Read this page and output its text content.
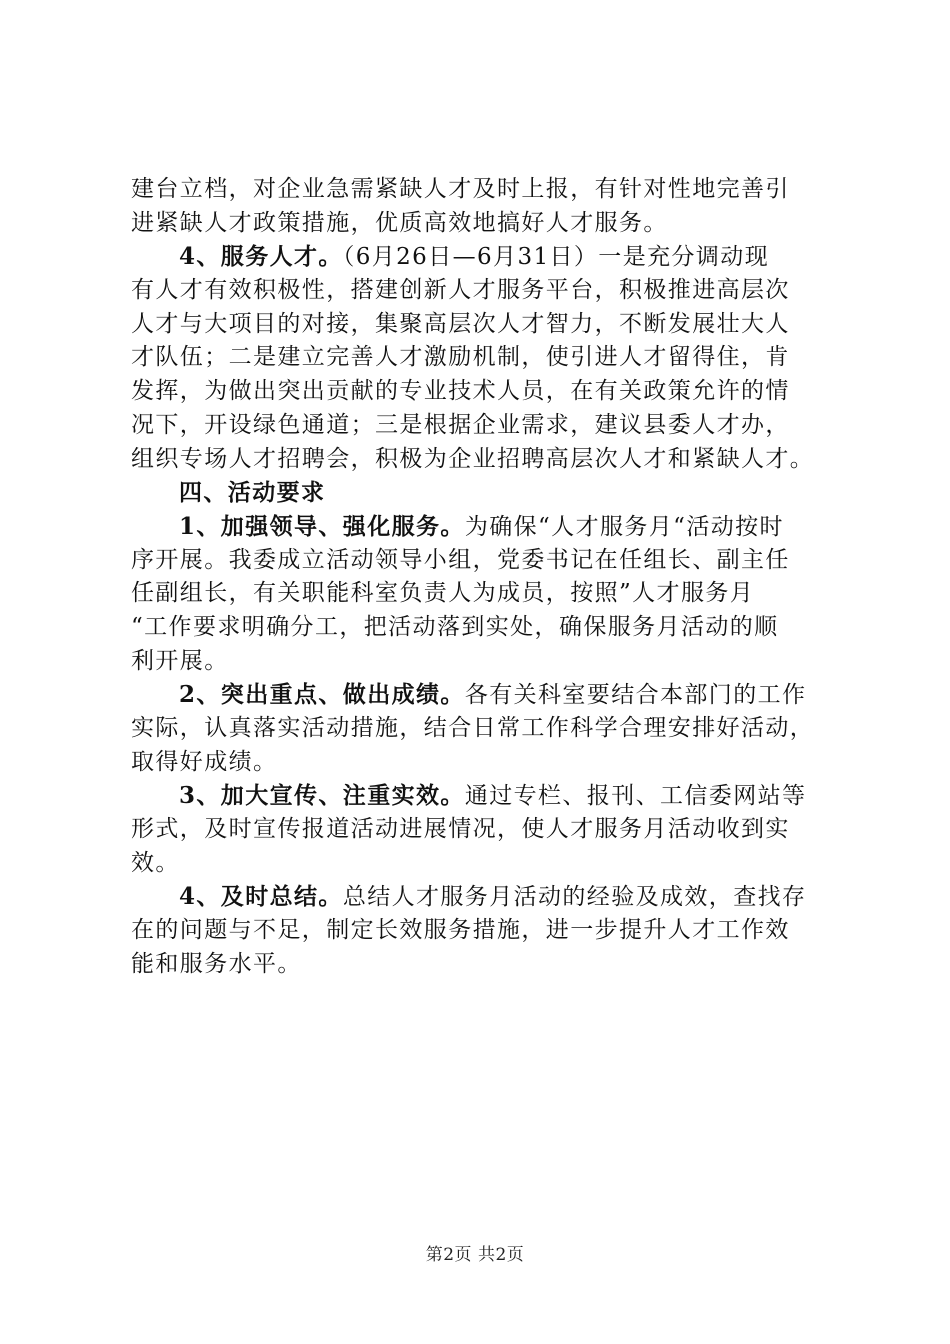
建台立档，对企业急需紧缺人才及时上报，有针对性地完善引
进紧缺人才政策措施，优质高效地搞好人才服务。
4、服务人才。（6月26日—6月31日）一是充分调动现
有人才有效积极性，搭建创新人才服务平台，积极推进高层次
人才与大项目的对接，集聚高层次人才智力，不断发展壮大人
才队伍；二是建立完善人才激励机制，使引进人才留得住，肯
发挥，为做出突出贡献的专业技术人员，在有关政策允许的情
况下，开设绿色通道；三是根据企业需求，建议县委人才办，
组织专场人才招聘会，积极为企业招聘高层次人才和紧缺人才。
四、活动要求
1、加强领导、强化服务。为确保“人才服务月“活动按时
序开展。我委成立活动领导小组，党委书记在任组长、副主任
任副组长，有关职能科室负责人为成员，按照”人才服务月
“工作要求明确分工，把活动落到实处，确保服务月活动的顺
利开展。
2、突出重点、做出成绩。各有关科室要结合本部门的工作
实际，认真落实活动措施，结合日常工作科学合理安排好活动，
取得好成绩。
3、加大宣传、注重实效。通过专栏、报刊、工信委网站等
形式，及时宣传报道活动进展情况，使人才服务月活动收到实
效。
4、及时总结。总结人才服务月活动的经验及成效，查找存
在的问题与不足，制定长效服务措施，进一步提升人才工作效
能和服务水平。
第2页 共2页
